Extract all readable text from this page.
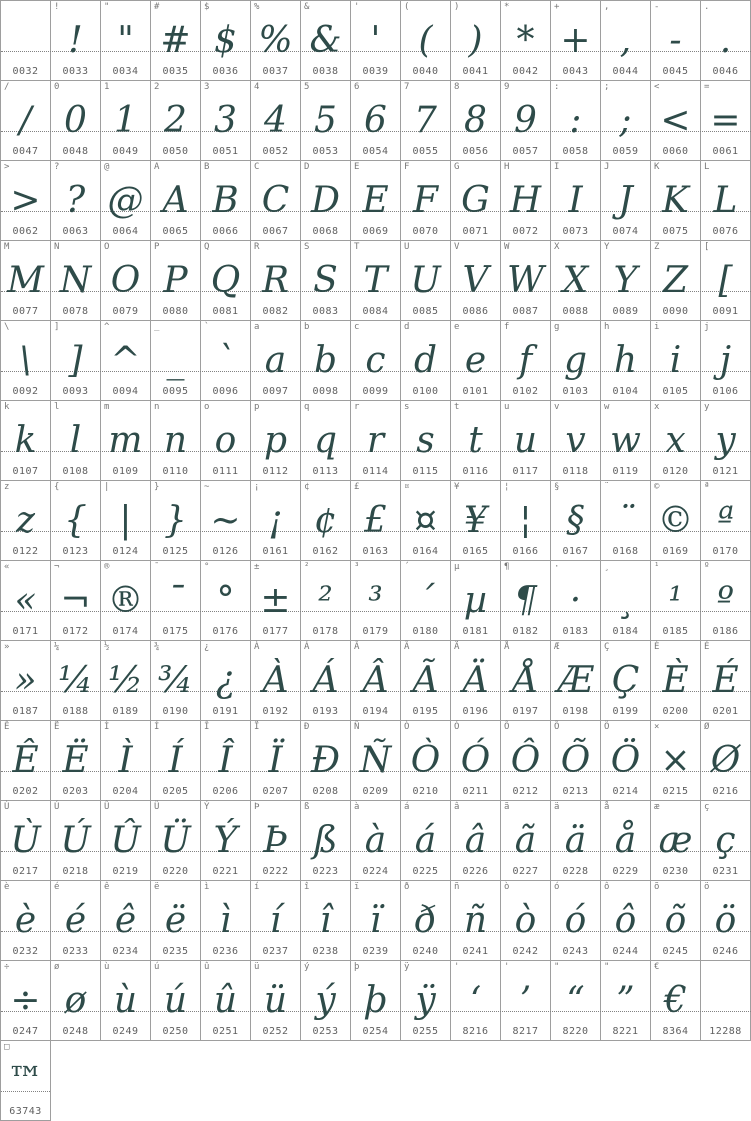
0032
!
!
0033
"
"
0034
#
#
0035
$
$
0036
%
%
0037
&
&
0038
'
'
0039
(
(
0040
)
)
0041
*
*
0042
+
+
0043
,
,
0044
-
-
0045
.
.
0046
/
/
0047
0
0
0048
1
1
0049
2
2
0050
3
3
0051
4
4
0052
5
5
0053
6
6
0054
7
7
0055
8
8
0056
9
9
0057
:
:
0058
;
;
0059
<
<
0060
=
=
0061
>
>
0062
?
?
0063
@
@
0064
A
A
0065
B
B
0066
C
C
0067
D
D
0068
E
E
0069
F
F
0070
G
G
0071
H
H
0072
I
I
0073
J
J
0074
K
K
0075
L
L
0076
M
M
0077
N
N
0078
O
O
0079
P
P
0080
Q
Q
0081
R
R
0082
S
S
0083
T
T
0084
U
U
0085
V
V
0086
W
W
0087
X
X
0088
Y
Y
0089
Z
Z
0090
[
[
0091
\
\
0092
]
]
0093
^
^
0094
_
_
0095
`
`
0096
a
a
0097
b
b
0098
c
c
0099
d
d
0100
e
e
0101
f
f
0102
g
g
0103
h
h
0104
i
i
0105
j
j
0106
k
k
0107
l
l
0108
m
m
0109
n
n
0110
o
o
0111
p
p
0112
q
q
0113
r
r
0114
s
s
0115
t
t
0116
u
u
0117
v
v
0118
w
w
0119
x
x
0120
y
y
0121
z
z
0122
{
{
0123
|
|
0124
}
}
0125
~
~
0126
¡
¡
0161
¢
¢
0162
£
£
0163
¤
¤
0164
¥
¥
0165
¦
¦
0166
§
§
0167
¨
¨
0168
©
©
0169
ª
ª
0170
«
«
0171
¬
¬
0172
®
®
0174
¯
¯
0175
°
°
0176
±
±
0177
²
²
0178
³
³
0179
´
´
0180
µ
µ
0181
¶
¶
0182
·
·
0183
¸
¸
0184
¹
¹
0185
º
º
0186
»
»
0187
¼
¼
0188
½
½
0189
¾
¾
0190
¿
¿
0191
À
À
0192
Á
Á
0193
Â
Â
0194
Ã
Ã
0195
Ä
Ä
0196
Å
Å
0197
Æ
Æ
0198
Ç
Ç
0199
È
È
0200
É
É
0201
Ê
Ê
0202
Ë
Ë
0203
Ì
Ì
0204
Í
Í
0205
Î
Î
0206
Ï
Ï
0207
Ð
Ð
0208
Ñ
Ñ
0209
Ò
Ò
0210
Ó
Ó
0211
Ô
Ô
0212
Õ
Õ
0213
Ö
Ö
0214
×
×
0215
Ø
Ø
0216
Ù
Ù
0217
Ú
Ú
0218
Û
Û
0219
Ü
Ü
0220
Ý
Ý
0221
Þ
Þ
0222
ß
ß
0223
à
à
0224
á
á
0225
â
â
0226
ã
ã
0227
ä
ä
0228
å
å
0229
æ
æ
0230
ç
ç
0231
è
è
0232
é
é
0233
ê
ê
0234
ë
ë
0235
ì
ì
0236
í
í
0237
î
î
0238
ï
ï
0239
ð
ð
0240
ñ
ñ
0241
ò
ò
0242
ó
ó
0243
ô
ô
0244
õ
õ
0245
ö
ö
0246
÷
÷
0247
ø
ø
0248
ù
ù
0249
ú
ú
0250
û
û
0251
ü
ü
0252
ý
ý
0253
þ
þ
0254
ÿ
ÿ
0255
'
‘
8216
'
’
8217
"
“
8220
"
”
8221
€
€
8364	12288
□
™
63743
